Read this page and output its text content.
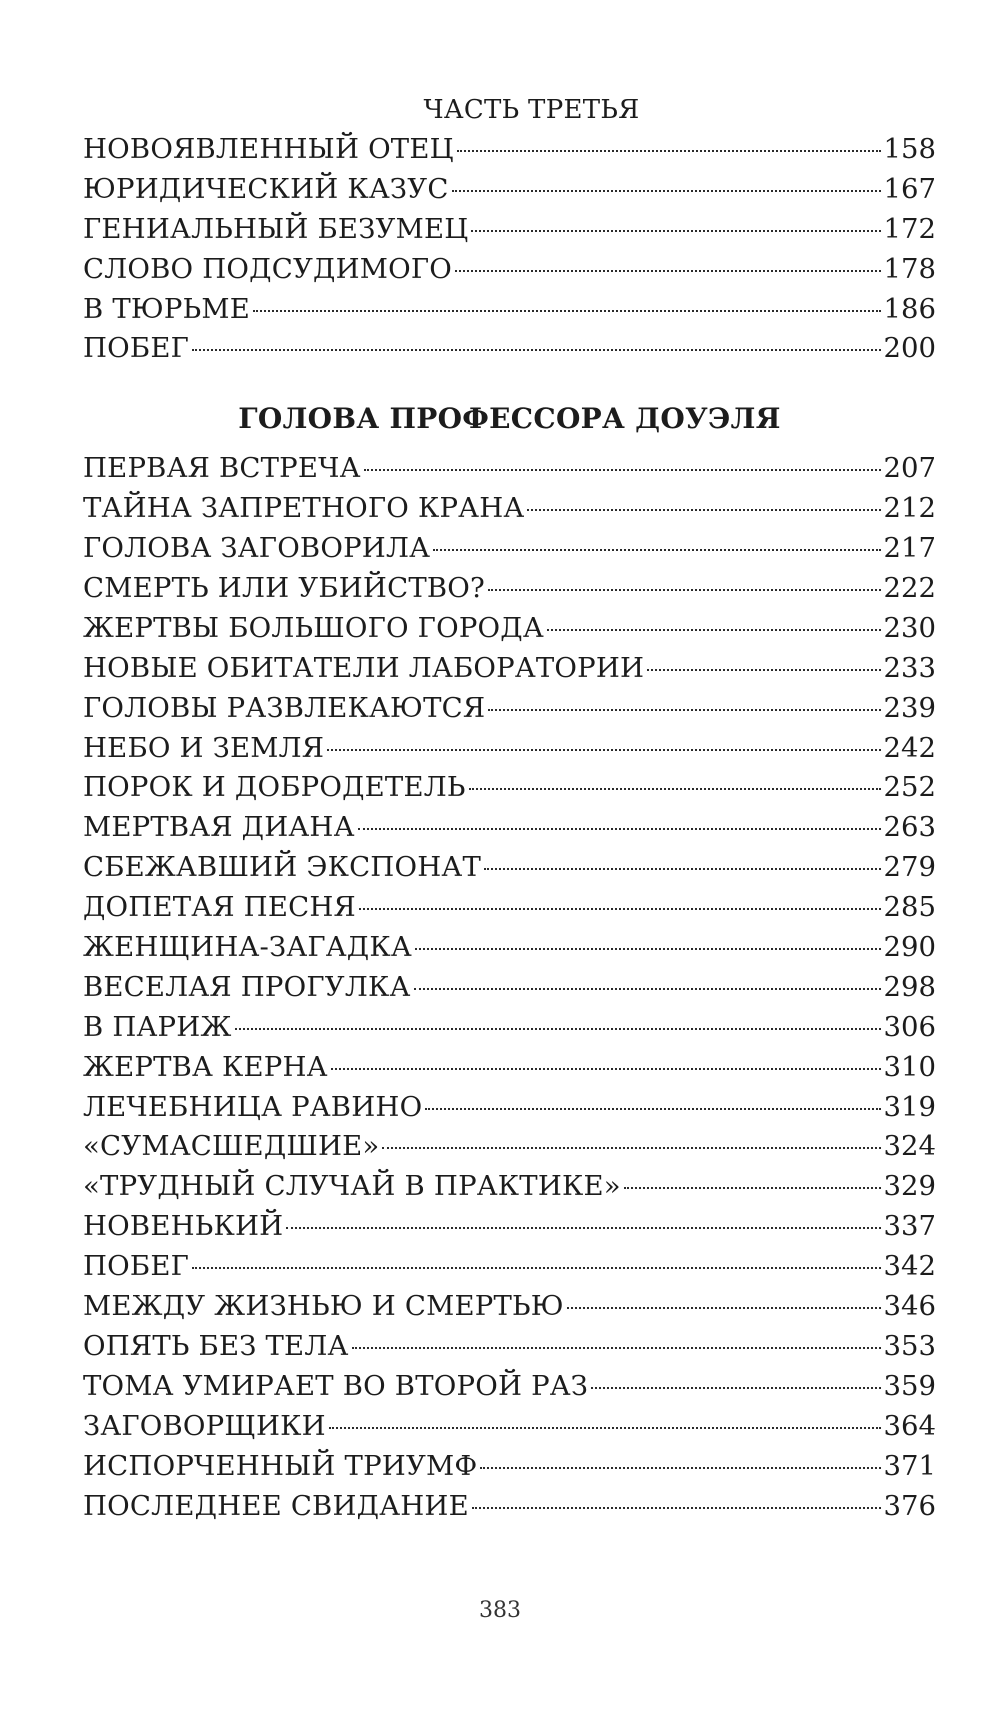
ЧАСТЬ ТРЕТЬЯ
НОВОЯВЛЕННЫЙ ОТЕЦ	158
ЮРИДИЧЕСКИЙ КАЗУС	167
ГЕНИАЛЬНЫЙ БЕЗУМЕЦ	172
СЛОВО ПОДСУДИМОГО	178
В ТЮРЬМЕ	186
ПОБЕГ	200
ГОЛОВА ПРОФЕССОРА ДОУЭЛЯ
ПЕРВАЯ ВСТРЕЧА	207
ТАЙНА ЗАПРЕТНОГО КРАНА	212
ГОЛОВА ЗАГОВОРИЛА	217
СМЕРТЬ ИЛИ УБИЙСТВО?	222
ЖЕРТВЫ БОЛЬШОГО ГОРОДА	230
НОВЫЕ ОБИТАТЕЛИ ЛАБОРАТОРИИ	233
ГОЛОВЫ РАЗВЛЕКАЮТСЯ	239
НЕБО И ЗЕМЛЯ	242
ПОРОК И ДОБРОДЕТЕЛЬ	252
МЕРТВАЯ ДИАНА	263
СБЕЖАВШИЙ ЭКСПОНАТ	279
ДОПЕТАЯ ПЕСНЯ	285
ЖЕНЩИНА-ЗАГАДКА	290
ВЕСЕЛАЯ ПРОГУЛКА	298
В ПАРИЖ	306
ЖЕРТВА КЕРНА	310
ЛЕЧЕБНИЦА РАВИНО	319
«СУМАСШЕДШИЕ»	324
«ТРУДНЫЙ СЛУЧАЙ В ПРАКТИКЕ»	329
НОВЕНЬКИЙ	337
ПОБЕГ	342
МЕЖДУ ЖИЗНЬЮ И СМЕРТЬЮ	346
ОПЯТЬ БЕЗ ТЕЛА	353
ТОМА УМИРАЕТ ВО ВТОРОЙ РАЗ	359
ЗАГОВОРЩИКИ	364
ИСПОРЧЕННЫЙ ТРИУМФ	371
ПОСЛЕДНЕЕ СВИДАНИЕ	376
383
